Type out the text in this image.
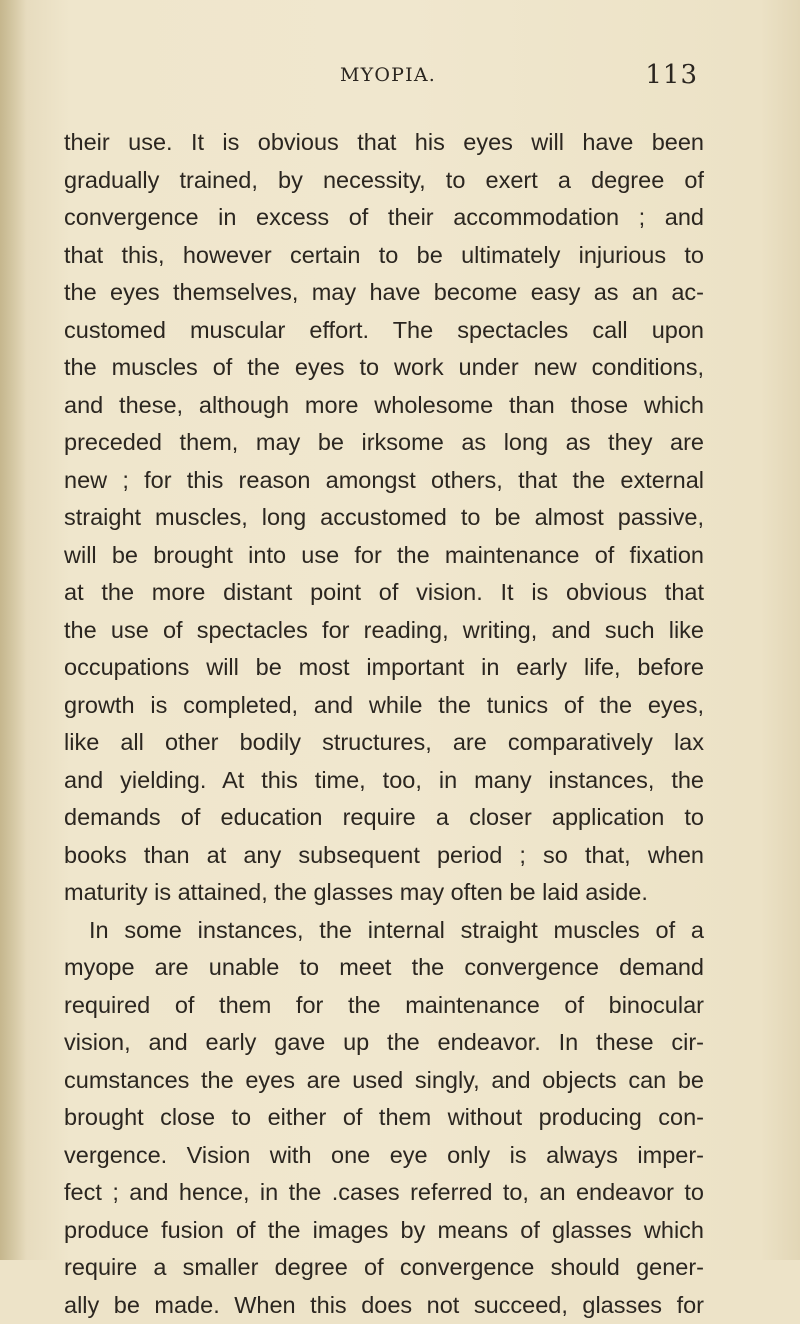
MYOPIA.	113
their use. It is obvious that his eyes will have been
gradually trained, by necessity, to exert a degree of
convergence in excess of their accommodation ; and
that this, however certain to be ultimately injurious to
the eyes themselves, may have become easy as an ac-
customed muscular effort. The spectacles call upon
the muscles of the eyes to work under new conditions,
and these, although more wholesome than those which
preceded them, may be irksome as long as they are
new ; for this reason amongst others, that the external
straight muscles, long accustomed to be almost passive,
will be brought into use for the maintenance of fixation
at the more distant point of vision. It is obvious that
the use of spectacles for reading, writing, and such like
occupations will be most important in early life, before
growth is completed, and while the tunics of the eyes,
like all other bodily structures, are comparatively lax
and yielding. At this time, too, in many instances, the
demands of education require a closer application to
books than at any subsequent period ; so that, when
maturity is attained, the glasses may often be laid aside.
In some instances, the internal straight muscles of a
myope are unable to meet the convergence demand
required of them for the maintenance of binocular
vision, and early gave up the endeavor. In these cir-
cumstances the eyes are used singly, and objects can be
brought close to either of them without producing con-
vergence. Vision with one eye only is always imper-
fect ; and hence, in the .cases referred to, an endeavor to
produce fusion of the images by means of glasses which
require a smaller degree of convergence should gener-
ally be made. When this does not succeed, glasses for
